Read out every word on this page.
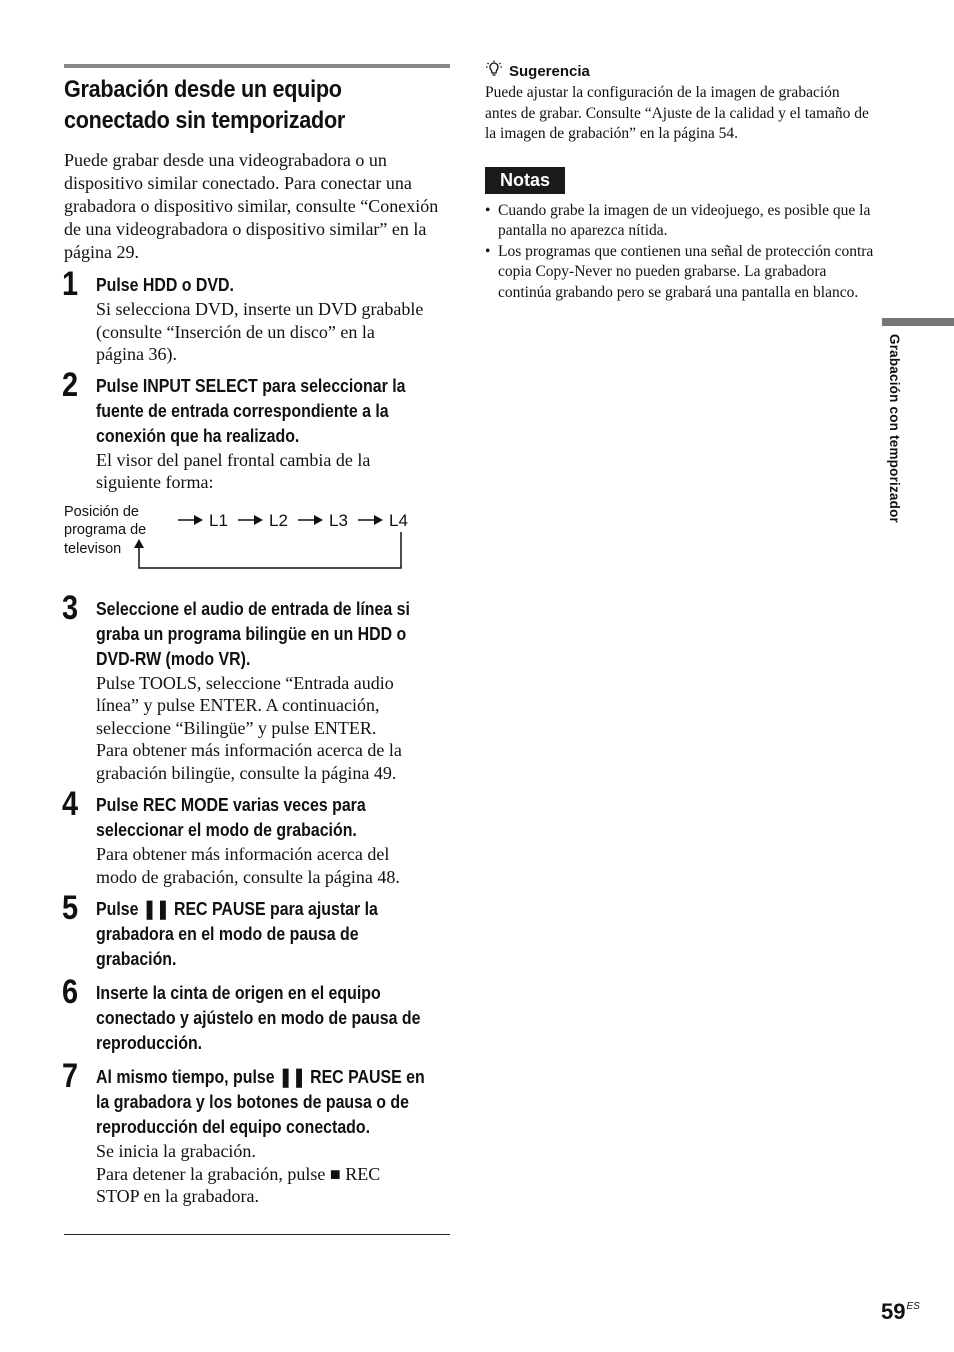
Grabación desde un equipo
conectado sin temporizador

Puede grabar desde una videograbadora o un dispositivo similar conectado. Para conectar una grabadora o dispositivo similar, consulte “Conexión de una videograbadora o dispositivo similar” en la página 29.

1 Pulse HDD o DVD.
Si selecciona DVD, inserte un DVD grabable
(consulte “Inserción de un disco” en la
página 36).
2 Pulse INPUT SELECT para seleccionar la
fuente de entrada correspondiente a la
conexión que ha realizado.
El visor del panel frontal cambia de la
siguiente forma:
Posición de
programa de
televison
L1 L2 L3 L4
3 Seleccione el audio de entrada de línea si
graba un programa bilingüe en un HDD o
DVD-RW (modo VR).
Pulse TOOLS, seleccione “Entrada audio
línea” y pulse ENTER. A continuación,
seleccione “Bilingüe” y pulse ENTER.
Para obtener más información acerca de la
grabación bilingüe, consulte la página 49.
4 Pulse REC MODE varias veces para
seleccionar el modo de grabación.
Para obtener más información acerca del
modo de grabación, consulte la página 48.
5 Pulse ❚❚ REC PAUSE para ajustar la
grabadora en el modo de pausa de
grabación.
6 Inserte la cinta de origen en el equipo
conectado y ajústelo en modo de pausa de
reproducción.
7 Al mismo tiempo, pulse ❚❚ REC PAUSE en
la grabadora y los botones de pausa o de
reproducción del equipo conectado.
Se inicia la grabación.
Para detener la grabación, pulse ■ REC
STOP en la grabadora.
Sugerencia
Puede ajustar la configuración de la imagen de grabación antes de grabar. Consulte “Ajuste de la calidad y el tamaño de la imagen de grabación” en la página 54.
Notas
• Cuando grabe la imagen de un videojuego, es posible que la pantalla no aparezca nítida.
• Los programas que contienen una señal de protección contra copia Copy-Never no pueden grabarse. La grabadora continúa grabando pero se grabará una pantalla en blanco.
Grabación con temporizador
$59^{ES}$
